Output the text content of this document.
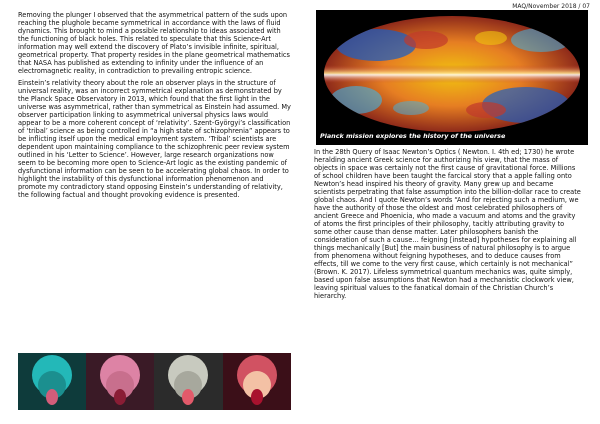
MAQ/November 2018 / 07

Removing the plunger I observed that the asymmetrical pattern of the suds upon reaching the plughole became symmetrical in accordance with the laws of fluid dynamics. This brought to mind a possible relationship to ideas associated with the functioning of black holes. This related to speculate that this Science-Art information may well extend the discovery of Plato’s invisible infinite, spiritual, geometrical property. That property resides in the plane geometrical mathematics that NASA has published as extending to infinity under the influence of an electromagnetic reality, in contradiction to prevailing entropic science.

Einstein’s relativity theory about the role an observer plays in the structure of universal reality, was an incorrect symmetrical explanation as demonstrated by the Planck Space Observatory in 2013, which found that the first light in the universe was asymmetrical, rather than symmetrical as Einstein had assumed. My observer participation linking to asymmetrical universal physics laws would appear to be a more coherent concept of ‘relativity’. Szent-Györgyi’s classification of ‘tribal’ science as being controlled in “a high state of schizophrenia” appears to be inflicting itself upon the medical employment system. ‘Tribal’ scientists are dependent upon maintaining compliance to the schizophrenic peer review system outlined in his ‘Letter to Science’. However, large research organizations now seem to be becoming more open to Science-Art logic as the existing pandemic of dysfunctional information can be seen to be accelerating global chaos. In order to highlight the instability of this dysfunctional information phenomenon and promote my contradictory stand opposing Einstein’s understanding of relativity, the following factual and thought provoking evidence is presented.

Planck mission explores the history of the universe

In the 28th Query of Isaac Newton’s Optics ( Newton. I. 4th ed; 1730) he wrote heralding ancient Greek science for authorizing his view, that the mass of objects in space was certainly not the first cause of gravitational force. Millions of school children have been taught the farcical story that a apple falling onto Newton’s head inspired his theory of gravity. Many grew up and became scientists perpetrating that false assumption into the billion-dollar race to create global chaos. And I quote Newton’s words “And for rejecting such a medium, we have the authority of those the oldest and most celebrated philosophers of ancient Greece and Phoenicia, who made a vacuum and atoms and the gravity of atoms the first principles of their philosophy, tacitly attributing gravity to some other cause than dense matter. Later philosophers banish the consideration of such a cause… feigning [instead] hypotheses for explaining all things mechanically [But] the main business of natural philosophy is to argue from phenomena without feigning hypotheses, and to deduce causes from effects, till we come to the very first cause, which certainly is not mechanical” (Brown. K. 2017). Lifeless symmetrical quantum mechanics was, quite simply, based upon false assumptions that Newton had a mechanistic clockwork view, leaving spiritual values to the fanatical domain of the Christian Church’s hierarchy.
